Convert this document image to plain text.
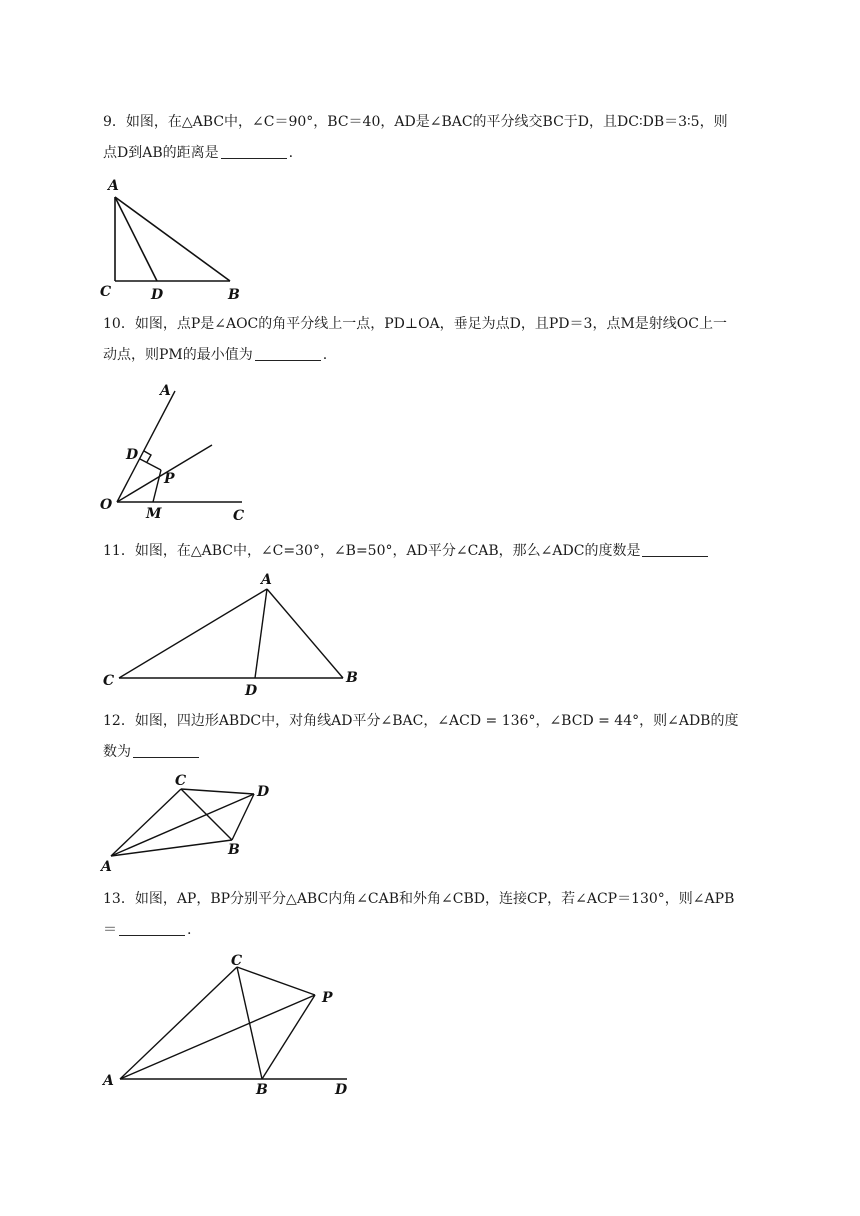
9．如图，在△ABC中，∠C＝90°，BC＝40，AD是∠BAC的平分线交BC于D，且DC∶DB＝3∶5，则
点D到AB的距离是	.
A
C	D	B
10．如图，点P是∠AOC的角平分线上一点，PD⊥OA，垂足为点D，且PD＝3，点M是射线OC上一
动点，则PM的最小值为	.
A
D
P
O
M	C
11．如图，在△ABC中，∠C=30°，∠B=50°，AD平分∠CAB，那么∠ADC的度数是
A
C
D
B
12．如图，四边形ABDC中，对角线AD平分∠BAC，∠ACD = 136°，∠BCD = 44°，则∠ADB的度
数为
C
D
A
B
13．如图，AP，BP分别平分△ABC内角∠CAB和外角∠CBD，连接CP，若∠ACP＝130°，则∠APB
＝	.
C
P
A
B	D
